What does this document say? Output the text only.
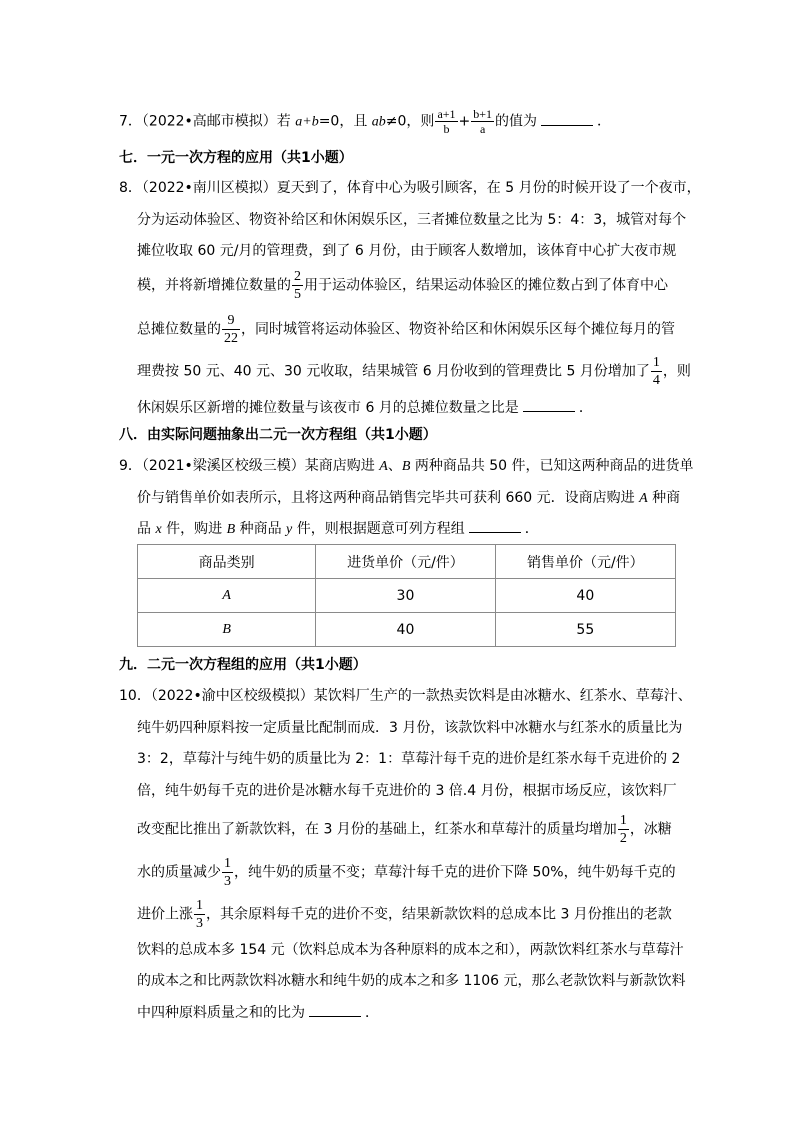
7．（2022•高邮市模拟）若 a+b=0，且 ab≠0，则 $\frac{a+1}{b} + \frac{b+1}{a}$ 的值为	．
七．一元一次方程的应用（共1小题）
8．（2022•南川区模拟）夏天到了，体育中心为吸引顾客，在 5 月份的时候开设了一个夜市，
分为运动体验区、物资补给区和休闲娱乐区，三者摊位数量之比为 5：4：3，城管对每个
摊位收取 60 元/月的管理费，到了 6 月份，由于顾客人数增加，该体育中心扩大夜市规
模，并将新增摊位数量的 $\frac{2}{5}$ 用于运动体验区，结果运动体验区的摊位数占到了体育中心
总摊位数量的 $\frac{9}{22}$ ，同时城管将运动体验区、物资补给区和休闲娱乐区每个摊位每月的管
理费按 50 元、40 元、30 元收取，结果城管 6 月份收到的管理费比 5 月份增加了 $\frac{1}{4}$ ，则
休闲娱乐区新增的摊位数量与该夜市 6 月的总摊位数量之比是	．
八．由实际问题抽象出二元一次方程组（共1小题）
9．（2021•梁溪区校级三模）某商店购进 A、B 两种商品共 50 件，已知这两种商品的进货单
价与销售单价如表所示，且将这两种商品销售完毕共可获利 660 元．设商店购进 A 种商
品 x 件，购进 B 种商品 y 件，则根据题意可列方程组	．
商品类别	进货单价（元/件）	销售单价（元/件）
A	30	40
B	40	55
九．二元一次方程组的应用（共1小题）
10．（2022•渝中区校级模拟）某饮料厂生产的一款热卖饮料是由冰糖水、红茶水、草莓汁、
纯牛奶四种原料按一定质量比配制而成．3 月份，该款饮料中冰糖水与红茶水的质量比为
3：2，草莓汁与纯牛奶的质量比为 2：1：草莓汁每千克的进价是红茶水每千克进价的 2
倍，纯牛奶每千克的进价是冰糖水每千克进价的 3 倍.4 月份，根据市场反应，该饮料厂
改变配比推出了新款饮料，在 3 月份的基础上，红茶水和草莓汁的质量均增加 $\frac{1}{2}$ ，冰糖
水的质量减少 $\frac{1}{3}$ ，纯牛奶的质量不变；草莓汁每千克的进价下降 50%，纯牛奶每千克的
进价上涨 $\frac{1}{3}$ ，其余原料每千克的进价不变，结果新款饮料的总成本比 3 月份推出的老款
饮料的总成本多 154 元（饮料总成本为各种原料的成本之和），两款饮料红茶水与草莓汁
的成本之和比两款饮料冰糖水和纯牛奶的成本之和多 1106 元，那么老款饮料与新款饮料
中四种原料质量之和的比为	．
